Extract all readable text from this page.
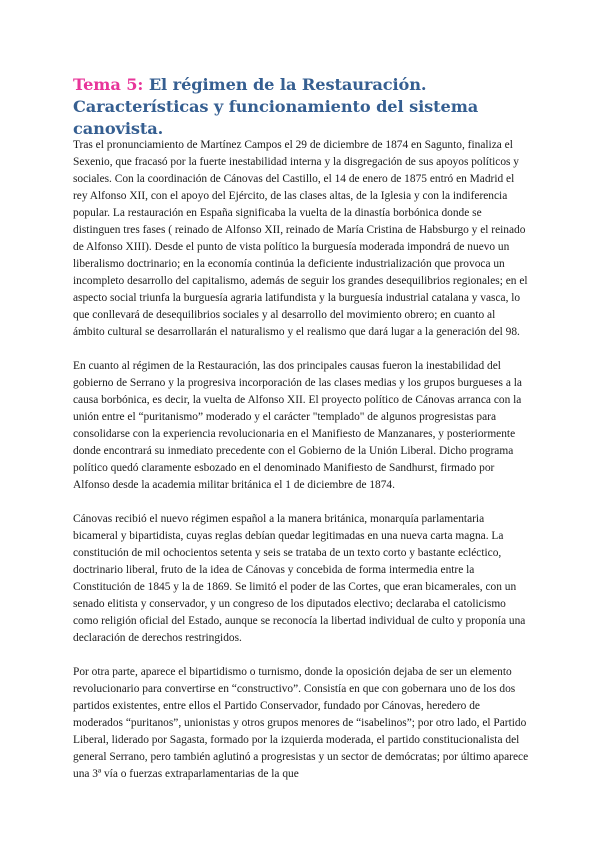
Tema 5: El régimen de la Restauración. Características y funcionamiento del sistema canovista.

Tras el pronunciamiento de Martínez Campos el 29 de diciembre de 1874 en Sagunto, finaliza el Sexenio, que fracasó por la fuerte inestabilidad interna y la disgregación de sus apoyos políticos y sociales. Con la coordinación de Cánovas del Castillo, el 14 de enero de 1875 entró en Madrid el rey Alfonso XII, con el apoyo del Ejército, de las clases altas, de la Iglesia y con la indiferencia popular. La restauración en España significaba la vuelta de la dinastía borbónica donde se distinguen tres fases ( reinado de Alfonso XII, reinado de María Cristina de Habsburgo y el reinado de Alfonso XIII). Desde el punto de vista político la burguesía moderada impondrá de nuevo un liberalismo doctrinario; en la economía continúa la deficiente industrialización que provoca un incompleto desarrollo del capitalismo, además de seguir los grandes desequilibrios regionales; en el aspecto social triunfa la burguesía agraria latifundista y la burguesía industrial catalana y vasca, lo que conllevará de desequilibrios sociales y al desarrollo del movimiento obrero; en cuanto al ámbito cultural se desarrollarán el naturalismo y el realismo que dará lugar a la generación del 98.

En cuanto al régimen de la Restauración, las dos principales causas fueron la inestabilidad del gobierno de Serrano y la progresiva incorporación de las clases medias y los grupos burgueses a la causa borbónica, es decir, la vuelta de Alfonso XII. El proyecto político de Cánovas arranca con la unión entre el “puritanismo” moderado y el carácter "templado" de algunos progresistas para consolidarse con la experiencia revolucionaria en el Manifiesto de Manzanares, y posteriormente donde encontrará su inmediato precedente con el Gobierno de la Unión Liberal. Dicho programa político quedó claramente esbozado en el denominado Manifiesto de Sandhurst, firmado por Alfonso desde la academia militar británica el 1 de diciembre de 1874.

Cánovas recibió el nuevo régimen español a la manera británica, monarquía parlamentaria bicameral y bipartidista, cuyas reglas debían quedar legitimadas en una nueva carta magna. La constitución de mil ochocientos setenta y seis se trataba de un texto corto y bastante ecléctico, doctrinario liberal, fruto de la idea de Cánovas y concebida de forma intermedia entre la Constitución de 1845 y la de 1869. Se limitó el poder de las Cortes, que eran bicamerales, con un senado elitista y conservador, y un congreso de los diputados electivo; declaraba el catolicismo como religión oficial del Estado, aunque se reconocía la libertad individual de culto y proponía una declaración de derechos restringidos.

Por otra parte, aparece el bipartidismo o turnismo, donde la oposición dejaba de ser un elemento revolucionario para convertirse en “constructivo”. Consistía en que con gobernara uno de los dos partidos existentes, entre ellos el Partido Conservador, fundado por Cánovas, heredero de moderados “puritanos”, unionistas y otros grupos menores de “isabelinos”; por otro lado, el Partido Liberal, liderado por Sagasta, formado por la izquierda moderada, el partido constitucionalista del general Serrano, pero también aglutinó a progresistas y un sector de demócratas; por último aparece una 3ª vía o fuerzas extraparlamentarias de la que
